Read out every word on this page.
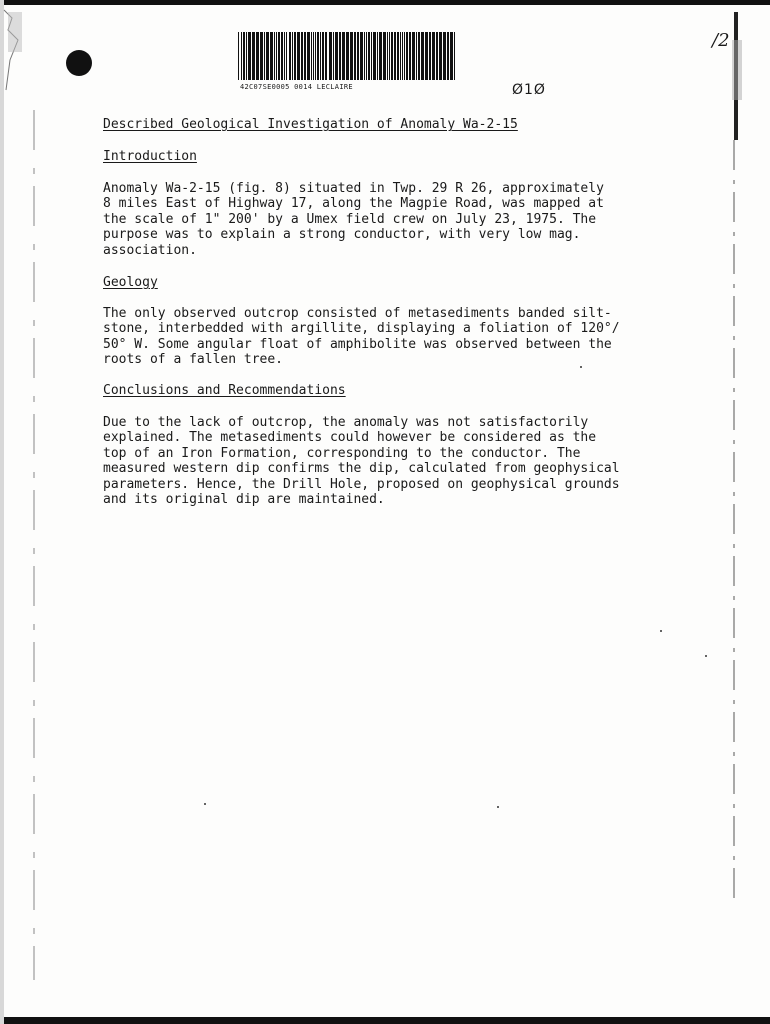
42C07SE0005 0014 LECLAIRE	Ø1Ø
/2
Described Geological Investigation of Anomaly Wa-2-15
Introduction
Anomaly Wa-2-15 (fig. 8) situated in Twp. 29 R 26, approximately
8 miles East of Highway 17, along the Magpie Road, was mapped at
the scale of 1" 200' by a Umex field crew on July 23, 1975. The
purpose was to explain a strong conductor, with very low mag.
association.
Geology
The only observed outcrop consisted of metasediments banded silt-
stone, interbedded with argillite, displaying a foliation of 120°/
50° W. Some angular float of amphibolite was observed between the
roots of a fallen tree.
Conclusions and Recommendations
Due to the lack of outcrop, the anomaly was not satisfactorily
explained. The metasediments could however be considered as the
top of an Iron Formation, corresponding to the conductor. The
measured western dip confirms the dip, calculated from geophysical
parameters. Hence, the Drill Hole, proposed on geophysical grounds
and its original dip are maintained.
